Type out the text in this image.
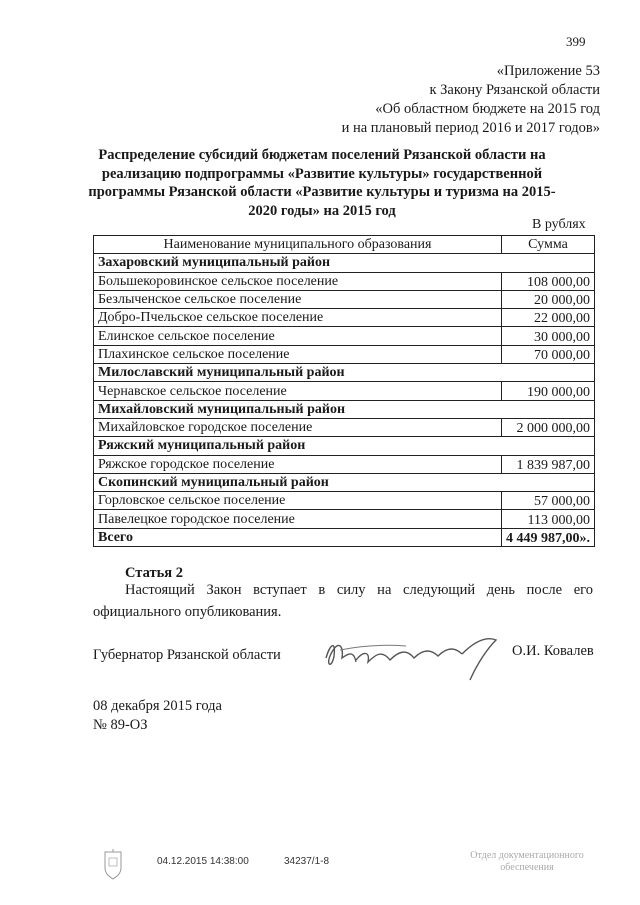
399
«Приложение 53
к Закону Рязанской области
«Об областном бюджете на 2015 год
и на плановый период 2016 и 2017 годов»
Распределение субсидий бюджетам поселений Рязанской области на
реализацию подпрограммы «Развитие культуры» государственной
программы Рязанской области «Развитие культуры и туризма на 2015-
2020 годы» на 2015 год
В рублях
Наименование муниципального образования	Сумма
Захаровский муниципальный район	
Большекоровинское сельское поселение	108 000,00
Безлыченское сельское поселение	20 000,00
Добро-Пчельское сельское поселение	22 000,00
Елинское сельское поселение	30 000,00
Плахинское сельское поселение	70 000,00
Милославский муниципальный район	
Чернавское сельское поселение	190 000,00
Михайловский муниципальный район	
Михайловское городское поселение	2 000 000,00
Ряжский муниципальный район	
Ряжское городское поселение	1 839 987,00
Скопинский муниципальный район	
Горловское сельское поселение	57 000,00
Павелецкое городское поселение	113 000,00
Всего	4 449 987,00».
Статья 2
Настоящий Закон вступает в силу на следующий день после его официального опубликования.
Губернатор Рязанской области	О.И. Ковалев
08 декабря 2015 года
№ 89-ОЗ
04.12.2015 14:38:00	34237/1-8
Отдел документационного
обеспечения
